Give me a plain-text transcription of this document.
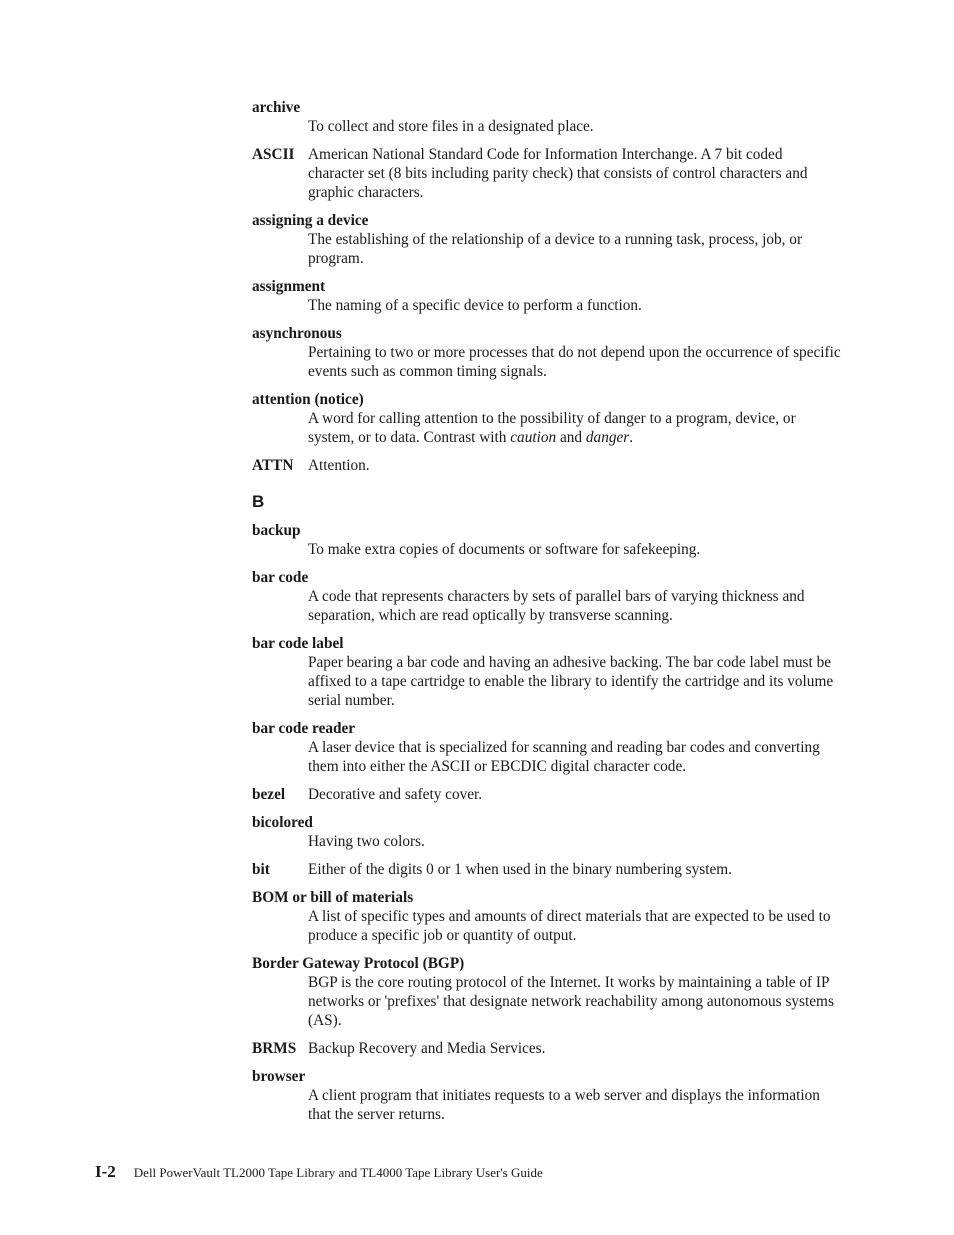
archive
To collect and store files in a designated place.
ASCII American National Standard Code for Information Interchange. A 7 bit coded character set (8 bits including parity check) that consists of control characters and graphic characters.
assigning a device
The establishing of the relationship of a device to a running task, process, job, or program.
assignment
The naming of a specific device to perform a function.
asynchronous
Pertaining to two or more processes that do not depend upon the occurrence of specific events such as common timing signals.
attention (notice)
A word for calling attention to the possibility of danger to a program, device, or system, or to data. Contrast with caution and danger.
ATTN Attention.
B
backup
To make extra copies of documents or software for safekeeping.
bar code
A code that represents characters by sets of parallel bars of varying thickness and separation, which are read optically by transverse scanning.
bar code label
Paper bearing a bar code and having an adhesive backing. The bar code label must be affixed to a tape cartridge to enable the library to identify the cartridge and its volume serial number.
bar code reader
A laser device that is specialized for scanning and reading bar codes and converting them into either the ASCII or EBCDIC digital character code.
bezel Decorative and safety cover.
bicolored
Having two colors.
bit Either of the digits 0 or 1 when used in the binary numbering system.
BOM or bill of materials
A list of specific types and amounts of direct materials that are expected to be used to produce a specific job or quantity of output.
Border Gateway Protocol (BGP)
BGP is the core routing protocol of the Internet. It works by maintaining a table of IP networks or 'prefixes' that designate network reachability among autonomous systems (AS).
BRMS Backup Recovery and Media Services.
browser
A client program that initiates requests to a web server and displays the information that the server returns.
I-2 Dell PowerVault TL2000 Tape Library and TL4000 Tape Library User's Guide
